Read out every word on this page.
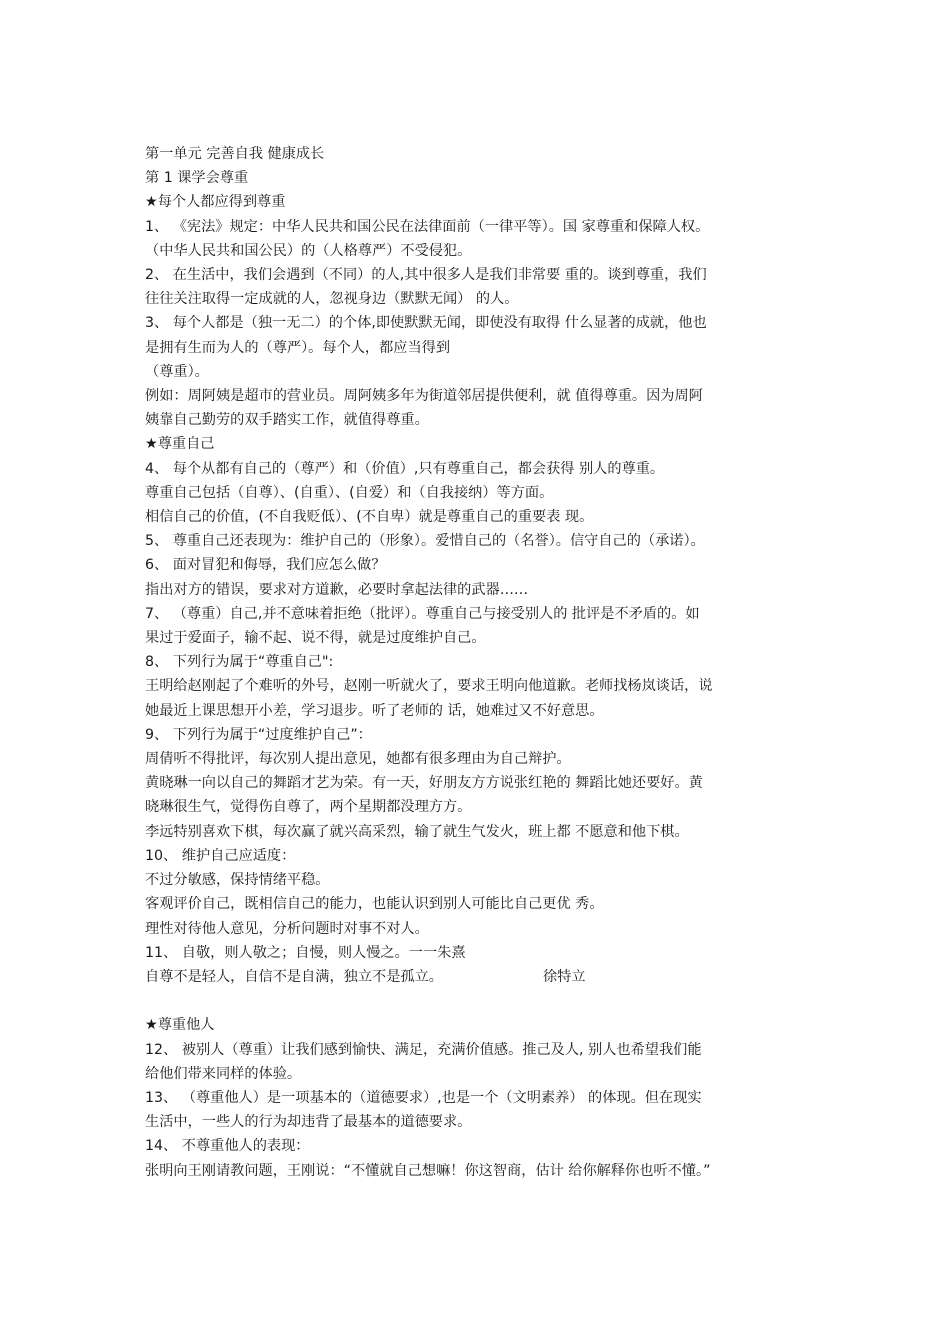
第一单元 完善自我 健康成长
第 1 课学会尊重
★每个人都应得到尊重
1、 《宪法》规定：中华人民共和国公民在法律面前（一律平等）。国 家尊重和保障人权。
（中华人民共和国公民）的（人格尊严）不受侵犯。
2、 在生活中，我们会遇到（不同）的人,其中很多人是我们非常要 重的。谈到尊重，我们
往往关注取得一定成就的人，忽视身边（默默无闻） 的人。
3、 每个人都是（独一无二）的个体,即使默默无闻，即使没有取得 什么显著的成就，他也
是拥有生而为人的（尊严）。每个人，都应当得到
（尊重）。
例如：周阿姨是超市的营业员。周阿姨多年为街道邻居提供便利，就 值得尊重。因为周阿
姨靠自己勤劳的双手踏实工作，就值得尊重。
★尊重自己
4、 每个从都有自己的（尊严）和（价值）,只有尊重自己，都会获得 别人的尊重。
尊重自己包括（自尊）、(自重）、(自爱）和（自我接纳）等方面。
相信自己的价值，(不自我贬低）、(不自卑）就是尊重自己的重要表 现。
5、 尊重自己还表现为：维护自己的（形象）。爱惜自己的（名誉）。信守自己的（承诺）。
6、 面对冒犯和侮辱，我们应怎么做？
指出对方的错误，要求对方道歉，必要时拿起法律的武器……
7、 （尊重）自己,并不意味着拒绝（批评）。尊重自己与接受别人的 批评是不矛盾的。如
果过于爱面子，输不起、说不得，就是过度维护自己。
8、 下列行为属于“尊重自己":
王明给赵刚起了个难听的外号，赵刚一听就火了，要求王明向他道歉。老师找杨岚谈话，说
她最近上课思想开小差，学习退步。听了老师的 话，她难过又不好意思。
9、 下列行为属于“过度维护自己”：
周倩听不得批评，每次别人提出意见，她都有很多理由为自己辩护。
黄晓琳一向以自己的舞蹈才艺为荣。有一天，好朋友方方说张红艳的 舞蹈比她还要好。黄
晓琳很生气，觉得伤自尊了，两个星期都没理方方。
李远特别喜欢下棋，每次赢了就兴高采烈，输了就生气发火，班上都 不愿意和他下棋。
10、 维护自己应适度：
不过分敏感，保持情绪平稳。
客观评价自己，既相信自己的能力，也能认识到别人可能比自己更优 秀。
理性对待他人意见，分析问题时对事不对人。
11、 自敬，则人敬之；自慢，则人慢之。一一朱熹
自尊不是轻人，自信不是自满，独立不是孤立。	徐特立
★尊重他人
12、 被别人（尊重）让我们感到愉快、满足，充满价值感。推己及人, 别人也希望我们能
给他们带来同样的体验。
13、 （尊重他人）是一项基本的（道德要求）,也是一个（文明素养） 的体现。但在现实
生活中，一些人的行为却违背了最基本的道德要求。
14、 不尊重他人的表现：
张明向王刚请教问题，王刚说：“不懂就自己想嘛！你这智商，估计 给你解释你也听不懂。”
